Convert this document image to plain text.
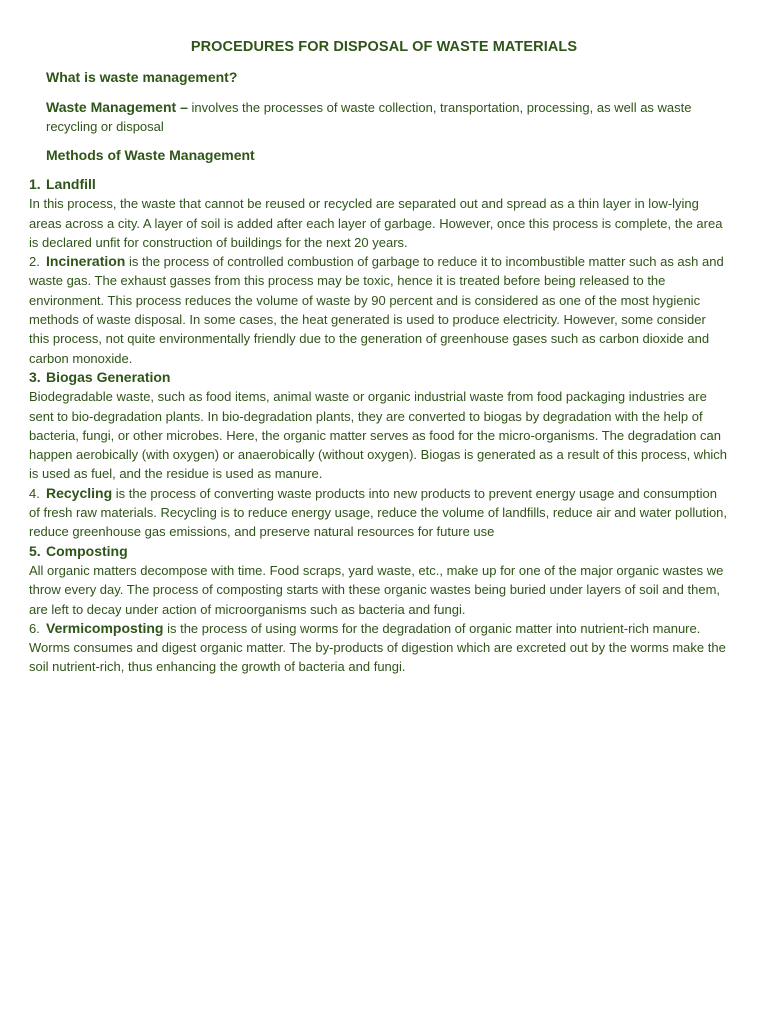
PROCEDURES FOR DISPOSAL OF WASTE MATERIALS
What is waste management?

Waste Management – involves the processes of waste collection, transportation, processing, as well as waste recycling or disposal

Methods of Waste Management
1. Landfill

In this process, the waste that cannot be reused or recycled are separated out and spread as a thin layer in low-lying areas across a city. A layer of soil is added after each layer of garbage. However, once this process is complete, the area is declared unfit for construction of buildings for the next 20 years.

2. Incineration is the process of controlled combustion of garbage to reduce it to incombustible matter such as ash and waste gas. The exhaust gasses from this process may be toxic, hence it is treated before being released to the environment. This process reduces the volume of waste by 90 percent and is considered as one of the most hygienic methods of waste disposal. In some cases, the heat generated is used to produce electricity. However, some consider this process, not quite environmentally friendly due to the generation of greenhouse gases such as carbon dioxide and carbon monoxide.

3. Biogas Generation

Biodegradable waste, such as food items, animal waste or organic industrial waste from food packaging industries are sent to bio-degradation plants. In bio-degradation plants, they are converted to biogas by degradation with the help of bacteria, fungi, or other microbes. Here, the organic matter serves as food for the micro-organisms. The degradation can happen aerobically (with oxygen) or anaerobically (without oxygen). Biogas is generated as a result of this process, which is used as fuel, and the residue is used as manure.

4. Recycling is the process of converting waste products into new products to prevent energy usage and consumption of fresh raw materials. Recycling is to reduce energy usage, reduce the volume of landfills, reduce air and water pollution, reduce greenhouse gas emissions, and preserve natural resources for future use

5. Composting

All organic matters decompose with time. Food scraps, yard waste, etc., make up for one of the major organic wastes we throw every day. The process of composting starts with these organic wastes being buried under layers of soil and them, are left to decay under action of microorganisms such as bacteria and fungi.

6. Vermicomposting is the process of using worms for the degradation of organic matter into nutrient-rich manure. Worms consumes and digest organic matter. The by-products of digestion which are excreted out by the worms make the soil nutrient-rich, thus enhancing the growth of bacteria and fungi.
